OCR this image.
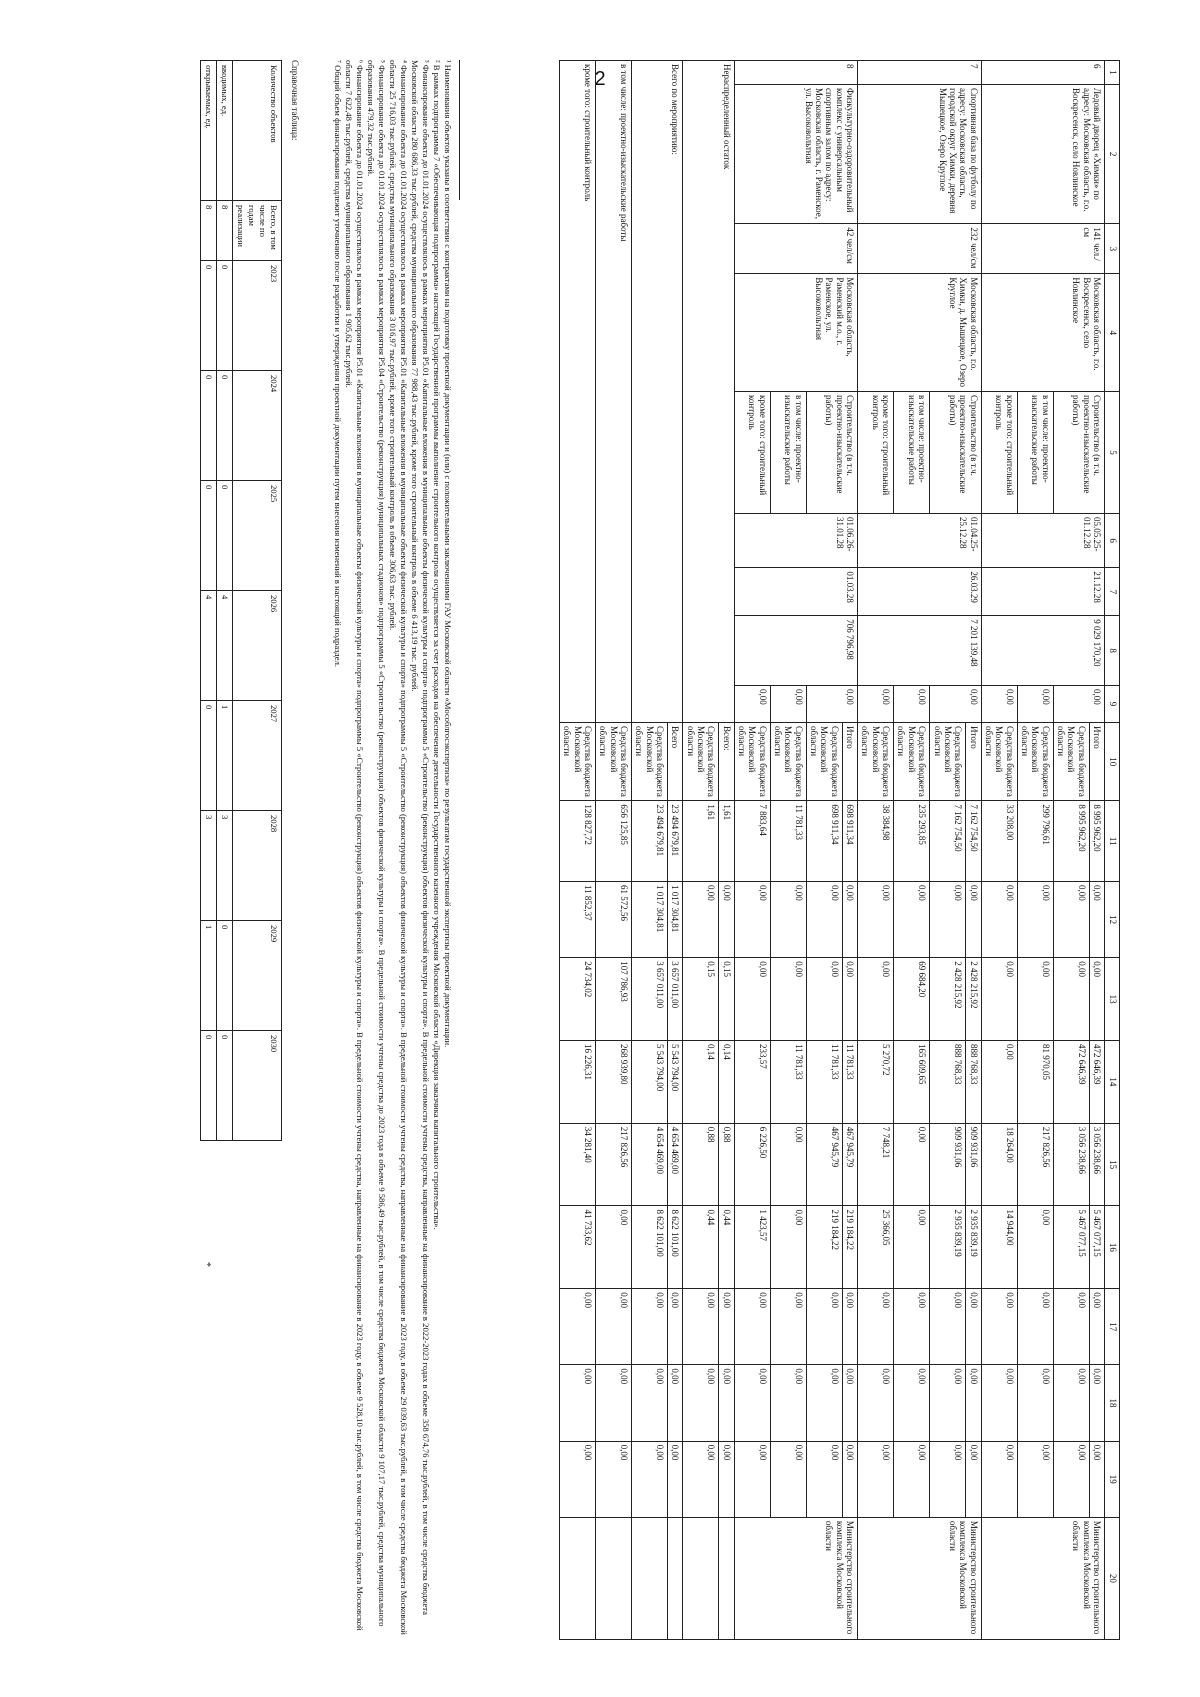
2	1	2	3	4	5	6	7	8	9	10	11	12	13	14	15	16	17	18	19	20
6	Ледовый дворец «Химки» по адресу: Московская область, г.о. Воскресенск, село Новлинское	141 чел./см	Московская область, г.о. Воскресенск, село Новлинское	Строительство (в т.ч. проектно-изыскательские работы)	05.05.25-01.12.28	21.12.28	9 029 170,20	0,00	Итого	8 995 962,20	0,00	0,00	472 646,39	3 056 238,66	5 467 077,15	0,00	0,00	0,00	Министерство строительного комплекса Московской области
									Средства бюджета Московской области	8 995 962,20	0,00	0,00	472 646,39	3 056 238,66	5 467 077,15	0,00	0,00	0,00	
				в том числе: проектно-изыскательские работы				0,00	Средства бюджета Московской области	299 796,61	0,00	0,00	81 970,05	217 826,56	0,00	0,00	0,00	0,00	
				кроме того: строительный контроль				0,00	Средства бюджета Московской области	33 208,00	0,00	0,00	0,00	18 264,00	14 944,00	0,00	0,00	0,00	
7	Спортивная база по футболу по адресу: Московская область, городской округ Химки, деревня Мышецкое, Озеро Круглое	232 чел/см	Московская область, г.о. Химки, д. Мышецкое, Озеро Круглое	Строительство (в т.ч. проектно-изыскательские работы)	01.04.25-25.12.28	26.03.29	7 201 139,48	0,00	Итого	7 162 754,50	0,00	2 428 215,92	888 768,33	909 931,06	2 935 839,19	0,00	0,00	0,00	Министерство строительного комплекса Московской области
									Средства бюджета Московской области	7 162 754,50	0,00	2 428 215,92	888 768,33	909 931,06	2 935 839,19	0,00	0,00	0,00	
				в том числе: проектно-изыскательские работы				0,00	Средства бюджета Московской области	235 293,85	0,00	69 684,20	165 609,65	0,00	0,00	0,00	0,00	0,00	
				кроме того: строительный контроль				0,00	Средства бюджета Московской области	38 384,98	0,00	0,00	5 270,72	7 748,21	25 366,05	0,00	0,00	0,00	
8	Физкультурно-оздоровительный комплекс с универсальным спортивным залом по адресу: Московская область, г. Раменское, ул. Высоковольтная	42 чел/см	Московская область, Раменский м.о., г. Раменское, ул. Высоковольтная	Строительство (в т.ч. проектно-изыскательские работы)	01.06.26-31.01.28	01.03.28	706 796,98	0,00	Итого	698 911,34	0,00	0,00	11 781,33	467 945,79	219 184,22	0,00	0,00	0,00	Министерство строительного комплекса Московской области
									Средства бюджета Московской области	698 911,34	0,00	0,00	11 781,33	467 945,79	219 184,22	0,00	0,00	0,00	
				в том числе: проектно-изыскательские работы				0,00	Средства бюджета Московской области	11 781,33	0,00	0,00	11 781,33	0,00	0,00	0,00	0,00	0,00	
				кроме того: строительный контроль				0,00	Средства бюджета Московской области	7 883,64	0,00	0,00	233,57	6 226,50	1 423,57	0,00	0,00	0,00	
Нераспределенный остаток									Всего:	1,61	0,00	0,15	0,14	0,88	0,44	0,00	0,00	0,00	
									Средства бюджета Московской области	1,61	0,00	0,15	0,14	0,88	0,44	0,00	0,00	0,00	
Всего по мероприятию:									Всего	23 494 679,81	1 017 304,81	3 657 011,00	5 543 794,00	4 654 469,00	8 622 101,00	0,00	0,00	0,00	
									Средства бюджета Московской области	23 494 679,81	1 017 304,81	3 657 011,00	5 543 794,00	4 654 469,00	8 622 101,00	0,00	0,00	0,00	
в том числе: проектно-изыскательские работы									Средства бюджета Московской области	656 125,85	61 572,56	107 786,93	268 939,80	217 826,56	0,00	0,00	0,00	0,00	
кроме того: строительный контроль									Средства бюджета Московской области	128 827,72	11 852,37	24 734,02	16 226,31	34 281,40	41 733,62	0,00	0,00	0,00	

¹ Наименования объектов указаны в соответствии с контрактами на подготовку проектной документации и (или) с положительными заключениями ГАУ Московской области «Мособлгосэкспертиза» по результатам государственной экспертизы проектной документации.

² В рамках подпрограммы 7 «Обеспечивающая подпрограмма» настоящей Государственной программы выполнение строительного контроля осуществляется за счет расходов на обеспечение деятельности Государственного казенного учреждения Московской области «Дирекция заказчика капитального строительства».

³ Финансирование объекта до 01.01.2024 осуществлялось в рамках мероприятия Р5.01 «Капитальные вложения в муниципальные объекты физической культуры и спорта» подпрограммы 5 «Строительство (реконструкция) объектов физической культуры и спорта». В предельной стоимости учтены средства, направленные на финансирование в 2022-2023 годах в объеме 358 674,76 тыс.рублей, в том числе средства бюджета Московской области 280 686,33 тыс.рублей, средства муниципального образования 77 988,43 тыс.рублей, кроме того строительный контроль в объеме 6 413,19 тыс. рублей.

⁴ Финансирование объекта до 01.01.2024 осуществлялось в рамках мероприятия Р5.01 «Капитальные вложения в муниципальные объекты физической культуры и спорта» подпрограммы 5 «Строительство (реконструкция) объектов физической культуры и спорта». В предельной стоимости учтены средства, направленные на финансирование в 2023 году, в объеме 29 039,63 тыс.рублей, в том числе средства бюджета Московской области 25 716,03 тыс.рублей, средства муниципального образования 3 016,97 тыс.рублей, кроме того строительный контроль в объеме 306,63 тыс. рублей.

⁵ Финансирование объекта до 01.01.2024 осуществлялось в рамках мероприятия Р5.04 «Строительство (реконструкция) муниципальных стадионов» подпрограммы 5 «Строительство (реконструкция) объектов физической культуры и спорта». В предельной стоимости учтены средства до 2023 года в объеме 9 586,49 тыс.рублей, в том числе средства бюджета Московской области 9 107,17 тыс.рублей, средства муниципального образования 479,32 тыс.рублей.

⁶ Финансирование объекта до 01.01.2024 осуществлялось в рамках мероприятия Р5.01 «Капитальные вложения в муниципальные объекты физической культуры и спорта» подпрограммы 5 «Строительство (реконструкция) объектов физической культуры и спорта». В предельной стоимости учтены средства, направленные на финансирование в 2023 году, в объеме 9 528,10 тыс.рублей, в том числе средства бюджета Московской области 7 622,48 тыс.рублей, средства муниципального образования 1 905,62 тыс.рублей.

⁷ Общий объем финансирования подлежит уточнению после разработки и утверждения проектной документации путем внесения изменений в настоящий подраздел.

Справочная таблица:
Количество объектов	Всего, в том числе по годам реализации	2023	2024	2025	2026	2027	2028	2029	2030
вводимых, ед.	8	0	0	0	4	1	3	0	0
открываемых, ед.	8	0	0	0	4	0	3	1	0
*
